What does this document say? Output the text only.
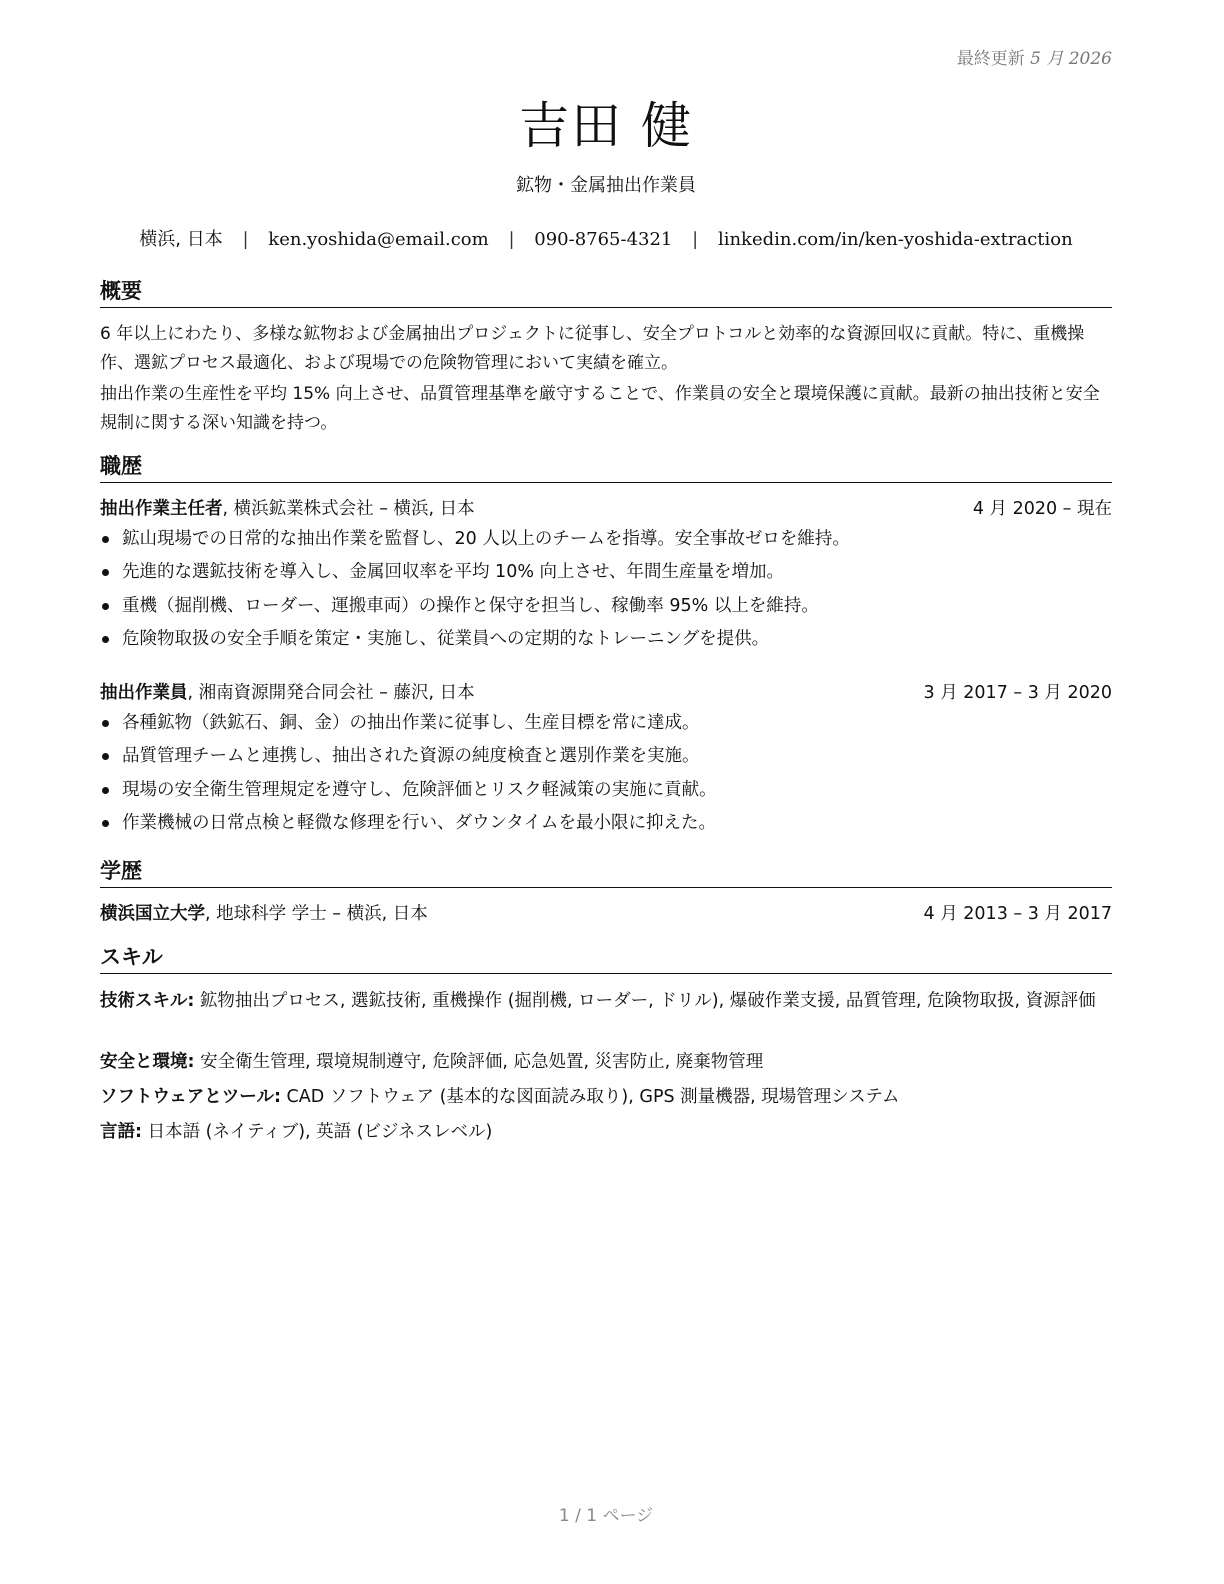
最終更新 5 月 2026
吉田 健
鉱物・金属抽出作業員
横浜, 日本 | ken.yoshida@email.com | 090-8765-4321 | linkedin.com/in/ken-yoshida-extraction
概要
6 年以上にわたり、多様な鉱物および金属抽出プロジェクトに従事し、安全プロトコルと効率的な資源回収に貢献。特に、重機操作、選鉱プロセス最適化、および現場での危険物管理において実績を確立。
抽出作業の生産性を平均 15% 向上させ、品質管理基準を厳守することで、作業員の安全と環境保護に貢献。最新の抽出技術と安全規制に関する深い知識を持つ。
職歴
抽出作業主任者, 横浜鉱業株式会社 – 横浜, 日本	4 月 2020 – 現在
鉱山現場での日常的な抽出作業を監督し、20 人以上のチームを指導。安全事故ゼロを維持。
先進的な選鉱技術を導入し、金属回収率を平均 10% 向上させ、年間生産量を増加。
重機（掘削機、ローダー、運搬車両）の操作と保守を担当し、稼働率 95% 以上を維持。
危険物取扱の安全手順を策定・実施し、従業員への定期的なトレーニングを提供。
抽出作業員, 湘南資源開発合同会社 – 藤沢, 日本	3 月 2017 – 3 月 2020
各種鉱物（鉄鉱石、銅、金）の抽出作業に従事し、生産目標を常に達成。
品質管理チームと連携し、抽出された資源の純度検査と選別作業を実施。
現場の安全衛生管理規定を遵守し、危険評価とリスク軽減策の実施に貢献。
作業機械の日常点検と軽微な修理を行い、ダウンタイムを最小限に抑えた。
学歴
横浜国立大学, 地球科学 学士 – 横浜, 日本	4 月 2013 – 3 月 2017
スキル
技術スキル: 鉱物抽出プロセス, 選鉱技術, 重機操作 (掘削機, ローダー, ドリル), 爆破作業支援, 品質管理, 危険物取扱, 資源評価
安全と環境: 安全衛生管理, 環境規制遵守, 危険評価, 応急処置, 災害防止, 廃棄物管理
ソフトウェアとツール: CAD ソフトウェア (基本的な図面読み取り), GPS 測量機器, 現場管理システム
言語: 日本語 (ネイティブ), 英語 (ビジネスレベル)
1 / 1 ページ
